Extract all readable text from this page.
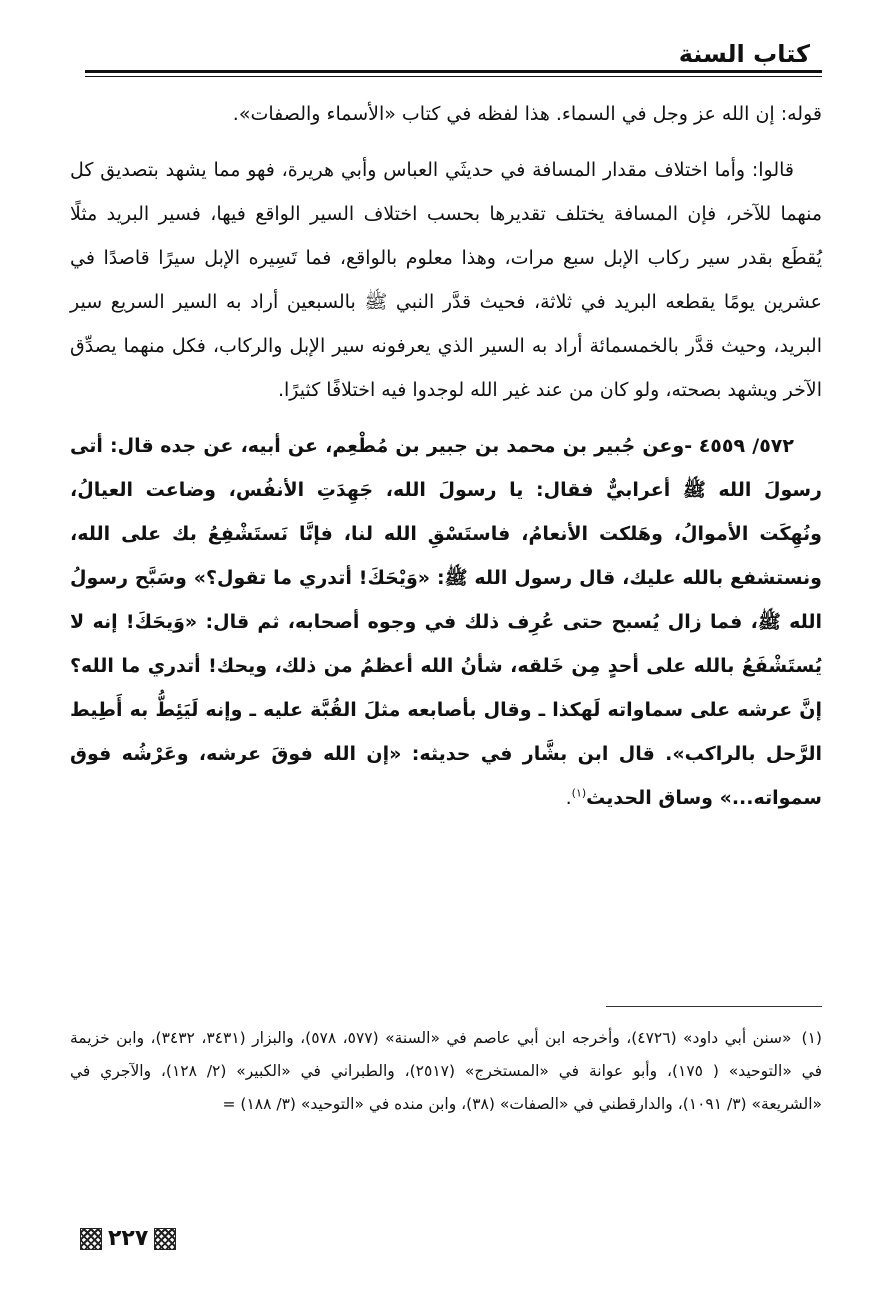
كتاب السنة

قوله: إن الله عز وجل في السماء. هذا لفظه في كتاب «الأسماء والصفات».

قالوا: وأما اختلاف مقدار المسافة في حديثَي العباس وأبي هريرة، فهو مما يشهد بتصديق كل منهما للآخر، فإن المسافة يختلف تقديرها بحسب اختلاف السير الواقع فيها، فسير البريد مثلًا يُقطَع بقدر سير ركاب الإبل سبع مرات، وهذا معلوم بالواقع، فما تَسِيره الإبل سيرًا قاصدًا في عشرين يومًا يقطعه البريد في ثلاثة، فحيث قدَّر النبي ﷺ بالسبعين أراد به السير السريع سير البريد، وحيث قدَّر بالخمسمائة أراد به السير الذي يعرفونه سير الإبل والركاب، فكل منهما يصدِّق الآخر ويشهد بصحته، ولو كان من عند غير الله لوجدوا فيه اختلافًا كثيرًا.

٥٧٢/ ٤٥٥٩ -وعن جُبير بن محمد بن جبير بن مُطْعِم، عن أبيه، عن جده قال: أتى رسولَ الله ﷺ أعرابيٌّ فقال: يا رسولَ الله، جَهِدَتِ الأنفُس، وضاعت العيالُ، ونُهِكَت الأموالُ، وهَلكت الأنعامُ، فاستَسْقِ الله لنا، فإنَّا نَستَشْفِعُ بك على الله، ونستشفع بالله عليك، قال رسول الله ﷺ: «وَيْحَكَ! أتدري ما تقول؟» وسَبَّح رسولُ الله ﷺ، فما زال يُسبح حتى عُرِف ذلك في وجوه أصحابه، ثم قال: «وَيحَكَ! إنه لا يُستَشْفَعُ بالله على أحدٍ مِن خَلقه، شأنُ الله أعظمُ من ذلك، ويحك! أتدري ما الله؟ إنَّ عرشه على سماواته لَهكذا ـ وقال بأصابعه مثلَ القُبَّة عليه ـ وإنه لَيَئِطُّ به أَطِيط الرَّحل بالراكب». قال ابن بشَّار في حديثه: «إن الله فوقَ عرشه، وعَرْشُه فوق سمواته...» وساق الحديث$^{(١)}$.

(١)«سنن أبي داود» (٤٧٢٦)، وأخرجه ابن أبي عاصم في «السنة» (٥٧٧، ٥٧٨)، والبزار (٣٤٣١، ٣٤٣٢)، وابن خزيمة في «التوحيد» ( ١٧٥)، وأبو عوانة في «المستخرج» (٢٥١٧)، والطبراني في «الكبير» (٢/ ١٢٨)، والآجري في «الشريعة» (٣/ ١٠٩١)، والدارقطني في «الصفات» (٣٨)، وابن منده في «التوحيد» (٣/ ١٨٨) =
٢٢٧
